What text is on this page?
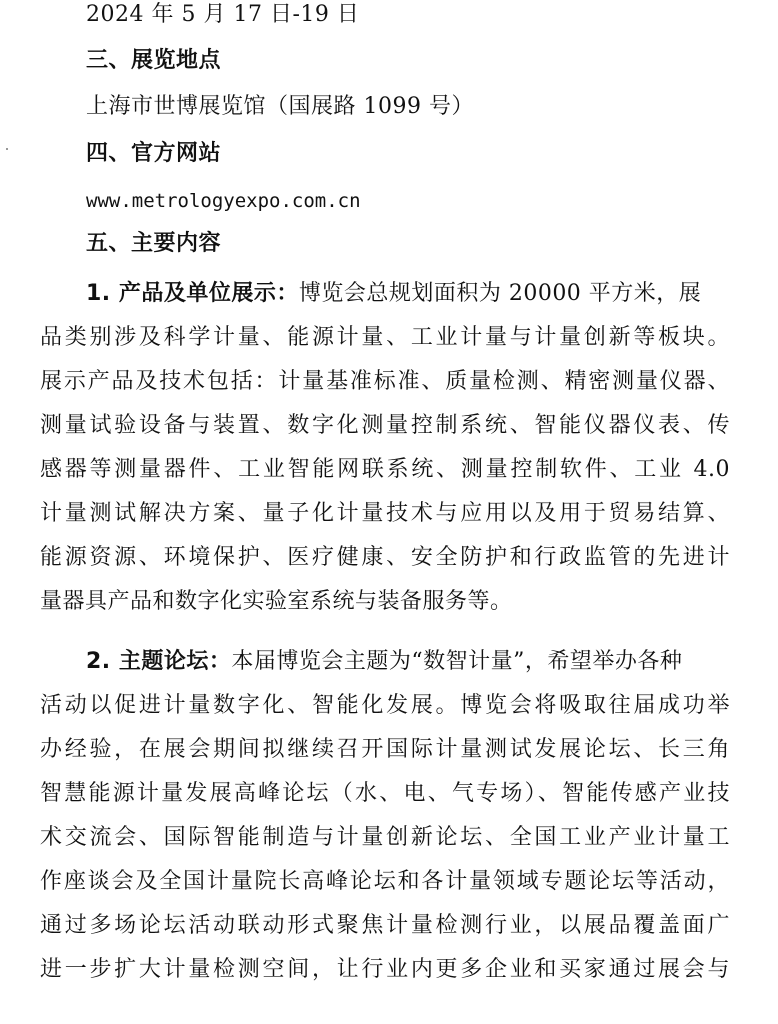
2024 年 5 月 17 日-19 日
三、展览地点
上海市世博展览馆（国展路 1099 号）
四、官方网站
www.metrologyexpo.com.cn
五、主要内容
1. 产品及单位展示：博览会总规划面积为 20000 平方米，展
品类别涉及科学计量、能源计量、工业计量与计量创新等板块。
展示产品及技术包括：计量基准标准、质量检测、精密测量仪器、
测量试验设备与装置、数字化测量控制系统、智能仪器仪表、传
感器等测量器件、工业智能网联系统、测量控制软件、工业 4.0
计量测试解决方案、量子化计量技术与应用以及用于贸易结算、
能源资源、环境保护、医疗健康、安全防护和行政监管的先进计
量器具产品和数字化实验室系统与装备服务等。
2. 主题论坛：本届博览会主题为“数智计量”，希望举办各种
活动以促进计量数字化、智能化发展。博览会将吸取往届成功举
办经验，在展会期间拟继续召开国际计量测试发展论坛、长三角
智慧能源计量发展高峰论坛（水、电、气专场）、智能传感产业技
术交流会、国际智能制造与计量创新论坛、全国工业产业计量工
作座谈会及全国计量院长高峰论坛和各计量领域专题论坛等活动，
通过多场论坛活动联动形式聚焦计量检测行业，以展品覆盖面广
进一步扩大计量检测空间，让行业内更多企业和买家通过展会与
